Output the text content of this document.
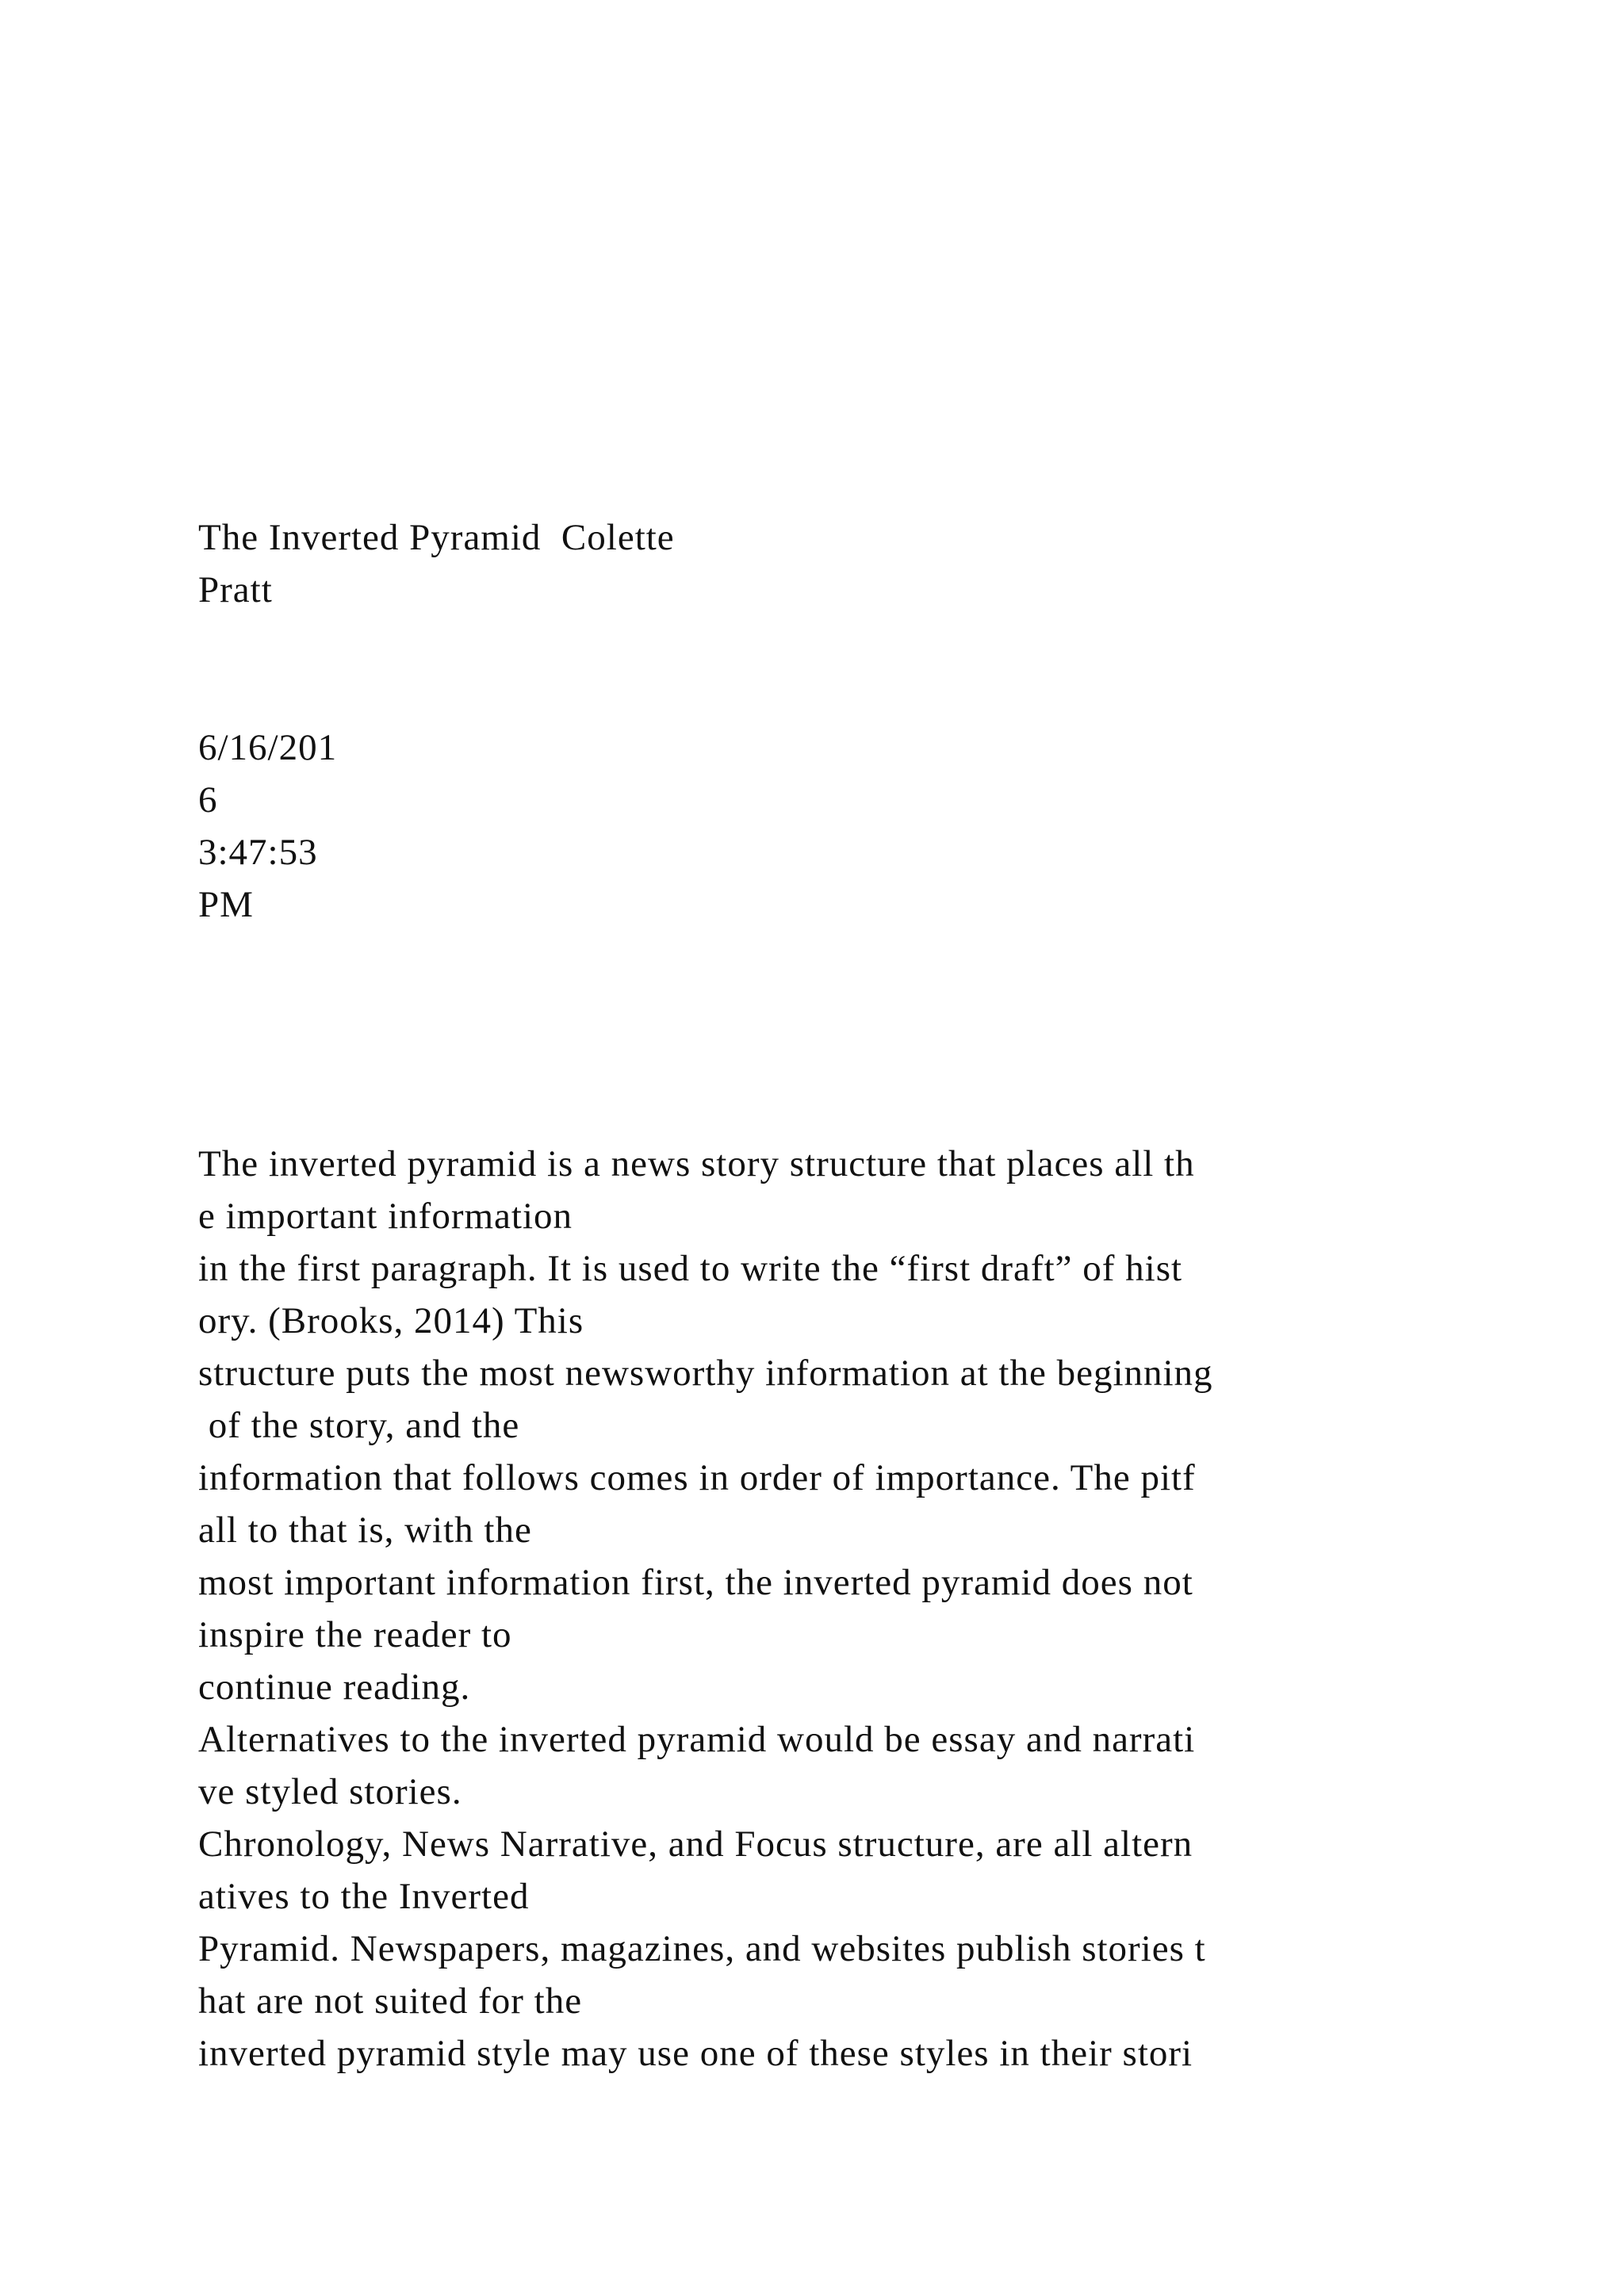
The Inverted Pyramid  Colette
Pratt
6/16/201
6
3:47:53
PM
The inverted pyramid is a news story structure that places all th
e important information
in the first paragraph. It is used to write the “first draft” of hist
ory. (Brooks, 2014) This
structure puts the most newsworthy information at the beginning
of the story, and the
information that follows comes in order of importance. The pitf
all to that is, with the
most important information first, the inverted pyramid does not
inspire the reader to
continue reading.
Alternatives to the inverted pyramid would be essay and narrati
ve styled stories.
Chronology, News Narrative, and Focus structure, are all altern
atives to the Inverted
Pyramid. Newspapers, magazines, and websites publish stories t
hat are not suited for the
inverted pyramid style may use one of these styles in their stori
